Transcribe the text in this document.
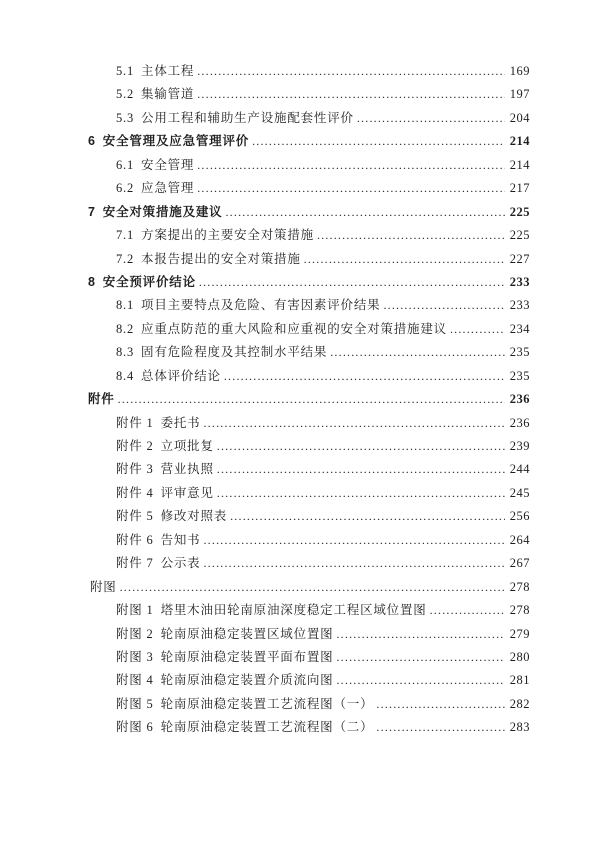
5.1 主体工程 .....	169
5.2 集输管道 .....	197
5.3 公用工程和辅助生产设施配套性评价 .....	204
6 安全管理及应急管理评价 .....	214
6.1 安全管理 .....	214
6.2 应急管理 .....	217
7 安全对策措施及建议 .....	225
7.1 方案提出的主要安全对策措施 .....	225
7.2 本报告提出的安全对策措施 .....	227
8 安全预评价结论 .....	233
8.1 项目主要特点及危险、有害因素评价结果 .....	233
8.2 应重点防范的重大风险和应重视的安全对策措施建议 .....	234
8.3 固有危险程度及其控制水平结果 .....	235
8.4 总体评价结论 .....	235
附件 .....	236
附件 1 委托书 .....	236
附件 2 立项批复 .....	239
附件 3 营业执照 .....	244
附件 4 评审意见 .....	245
附件 5 修改对照表 .....	256
附件 6 告知书 .....	264
附件 7 公示表 .....	267
附图 .....	278
附图 1 塔里木油田轮南原油深度稳定工程区域位置图 .....	278
附图 2 轮南原油稳定装置区域位置图 .....	279
附图 3 轮南原油稳定装置平面布置图 .....	280
附图 4 轮南原油稳定装置介质流向图 .....	281
附图 5 轮南原油稳定装置工艺流程图（一） .....	282
附图 6 轮南原油稳定装置工艺流程图（二） .....	283
